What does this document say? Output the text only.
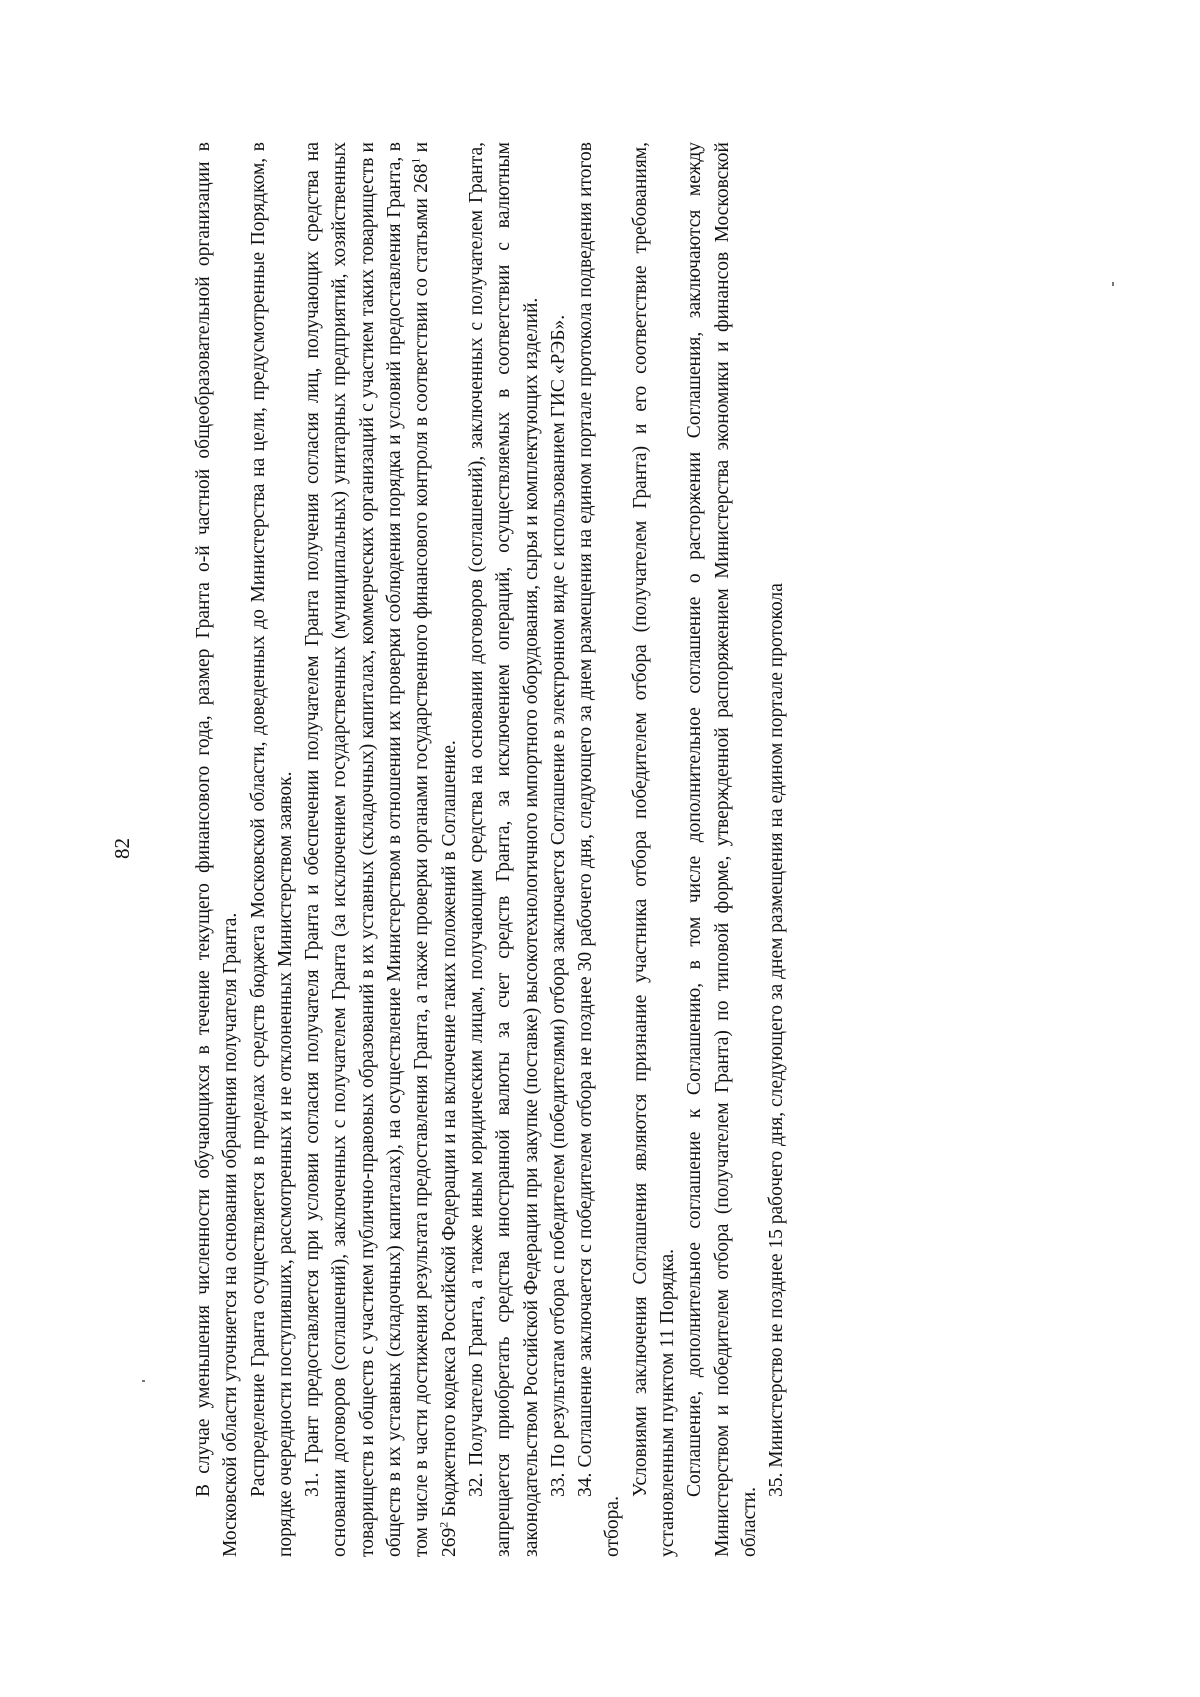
82	В случае уменьшения численности обучающихся в течение текущего финансового года, размер Гранта о-й частной общеобразовательной организации в Московской области уточняется на основании обращения получателя Гранта. Распределение Гранта осуществляется в пределах средств бюджета Московской области, доведенных до Министерства на цели, предусмотренные Порядком, в порядке очередности поступивших, рассмотренных и не отклоненных Министерством заявок. 31. Грант предоставляется при условии согласия получателя Гранта и обеспечении получателем Гранта получения согласия лиц, получающих средства на основании договоров (соглашений), заключенных с получателем Гранта (за исключением государственных (муниципальных) унитарных предприятий, хозяйственных товариществ и обществ с участием публично-правовых образований в их уставных (складочных) капиталах, коммерческих организаций с участием таких товариществ и обществ в их уставных (складочных) капиталах), на осуществление Министерством в отношении их проверки соблюдения порядка и условий предоставления Гранта, в том числе в части достижения результата предоставления Гранта, а также проверки органами государственного финансового контроля в соответствии со статьями $268^1$ и $269^2$ Бюджетного кодекса Российской Федерации и на включение таких положений в Соглашение. 32. Получателю Гранта, а также иным юридическим лицам, получающим средства на основании договоров (соглашений), заключенных с получателем Гранта, запрещается приобретать средства иностранной валюты за счет средств Гранта, за исключением операций, осуществляемых в соответствии с валютным законодательством Российской Федерации при закупке (поставке) высокотехнологичного импортного оборудования, сырья и комплектующих изделий. 33. По результатам отбора с победителем (победителями) отбора заключается Соглашение в электронном виде с использованием ГИС «РЭБ». 34. Соглашение заключается с победителем отбора не позднее 30 рабочего дня, следующего за днем размещения на едином портале протокола подведения итогов отбора.

Условиями заключения Соглашения являются признание участника отбора победителем отбора (получателем Гранта) и его соответствие требованиям, установленным пунктом 11 Порядка. Соглашение, дополнительное соглашение к Соглашению, в том числе дополнительное соглашение о расторжении Соглашения, заключаются между Министерством и победителем отбора (получателем Гранта) по типовой форме, утвержденной распоряжением Министерства экономики и финансов Московской области.

35. Министерство не позднее 15 рабочего дня, следующего за днем размещения на едином портале протокола
